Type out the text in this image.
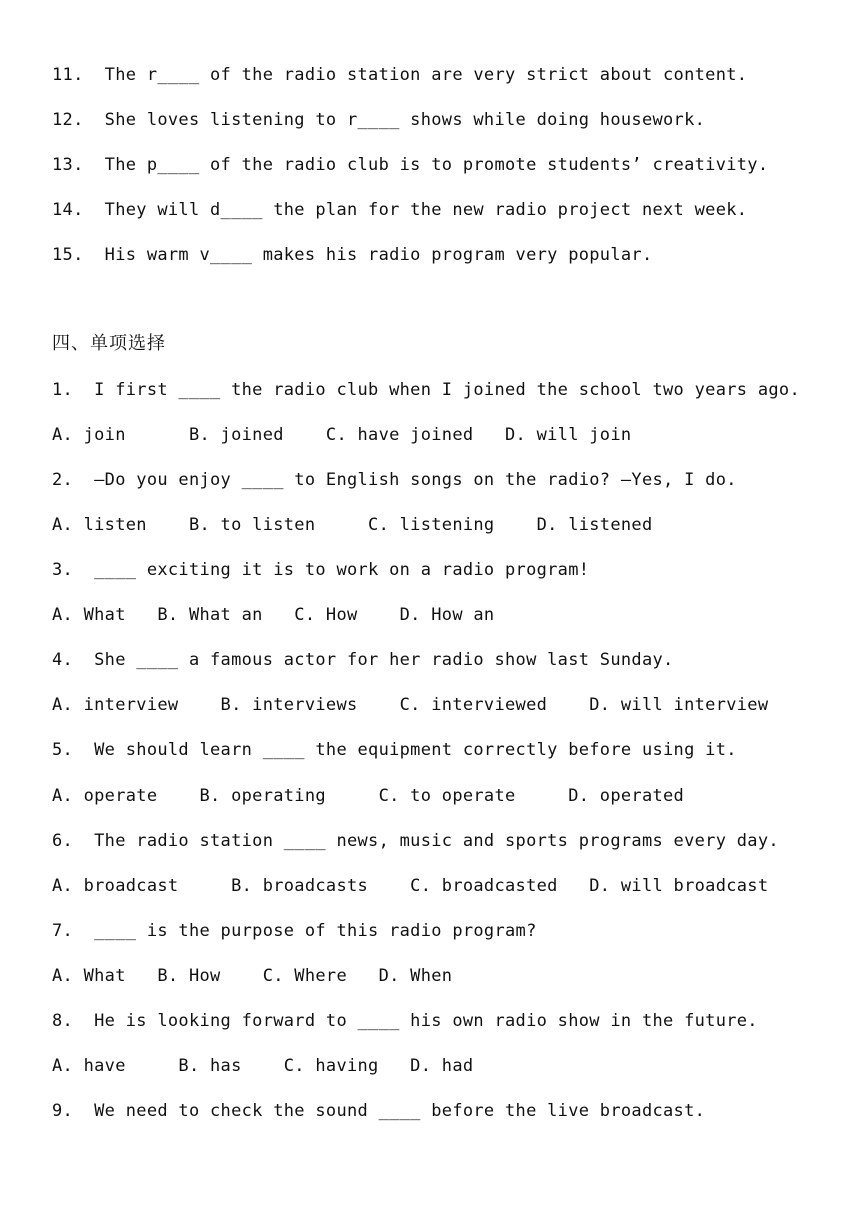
11.  The r____ of the radio station are very strict about content.
12.  She loves listening to r____ shows while doing housework.
13.  The p____ of the radio club is to promote students’ creativity.
14.  They will d____ the plan for the new radio project next week.
15.  His warm v____ makes his radio program very popular.
四、单项选择
1.  I first ____ the radio club when I joined the school two years ago.
A. join      B. joined    C. have joined   D. will join
2.  —Do you enjoy ____ to English songs on the radio? —Yes, I do.
A. listen    B. to listen     C. listening    D. listened
3.  ____ exciting it is to work on a radio program!
A. What   B. What an   C. How    D. How an
4.  She ____ a famous actor for her radio show last Sunday.
A. interview    B. interviews    C. interviewed    D. will interview
5.  We should learn ____ the equipment correctly before using it.
A. operate    B. operating     C. to operate     D. operated
6.  The radio station ____ news, music and sports programs every day.
A. broadcast     B. broadcasts    C. broadcasted   D. will broadcast
7.  ____ is the purpose of this radio program?
A. What   B. How    C. Where   D. When
8.  He is looking forward to ____ his own radio show in the future.
A. have     B. has    C. having   D. had
9.  We need to check the sound ____ before the live broadcast.
